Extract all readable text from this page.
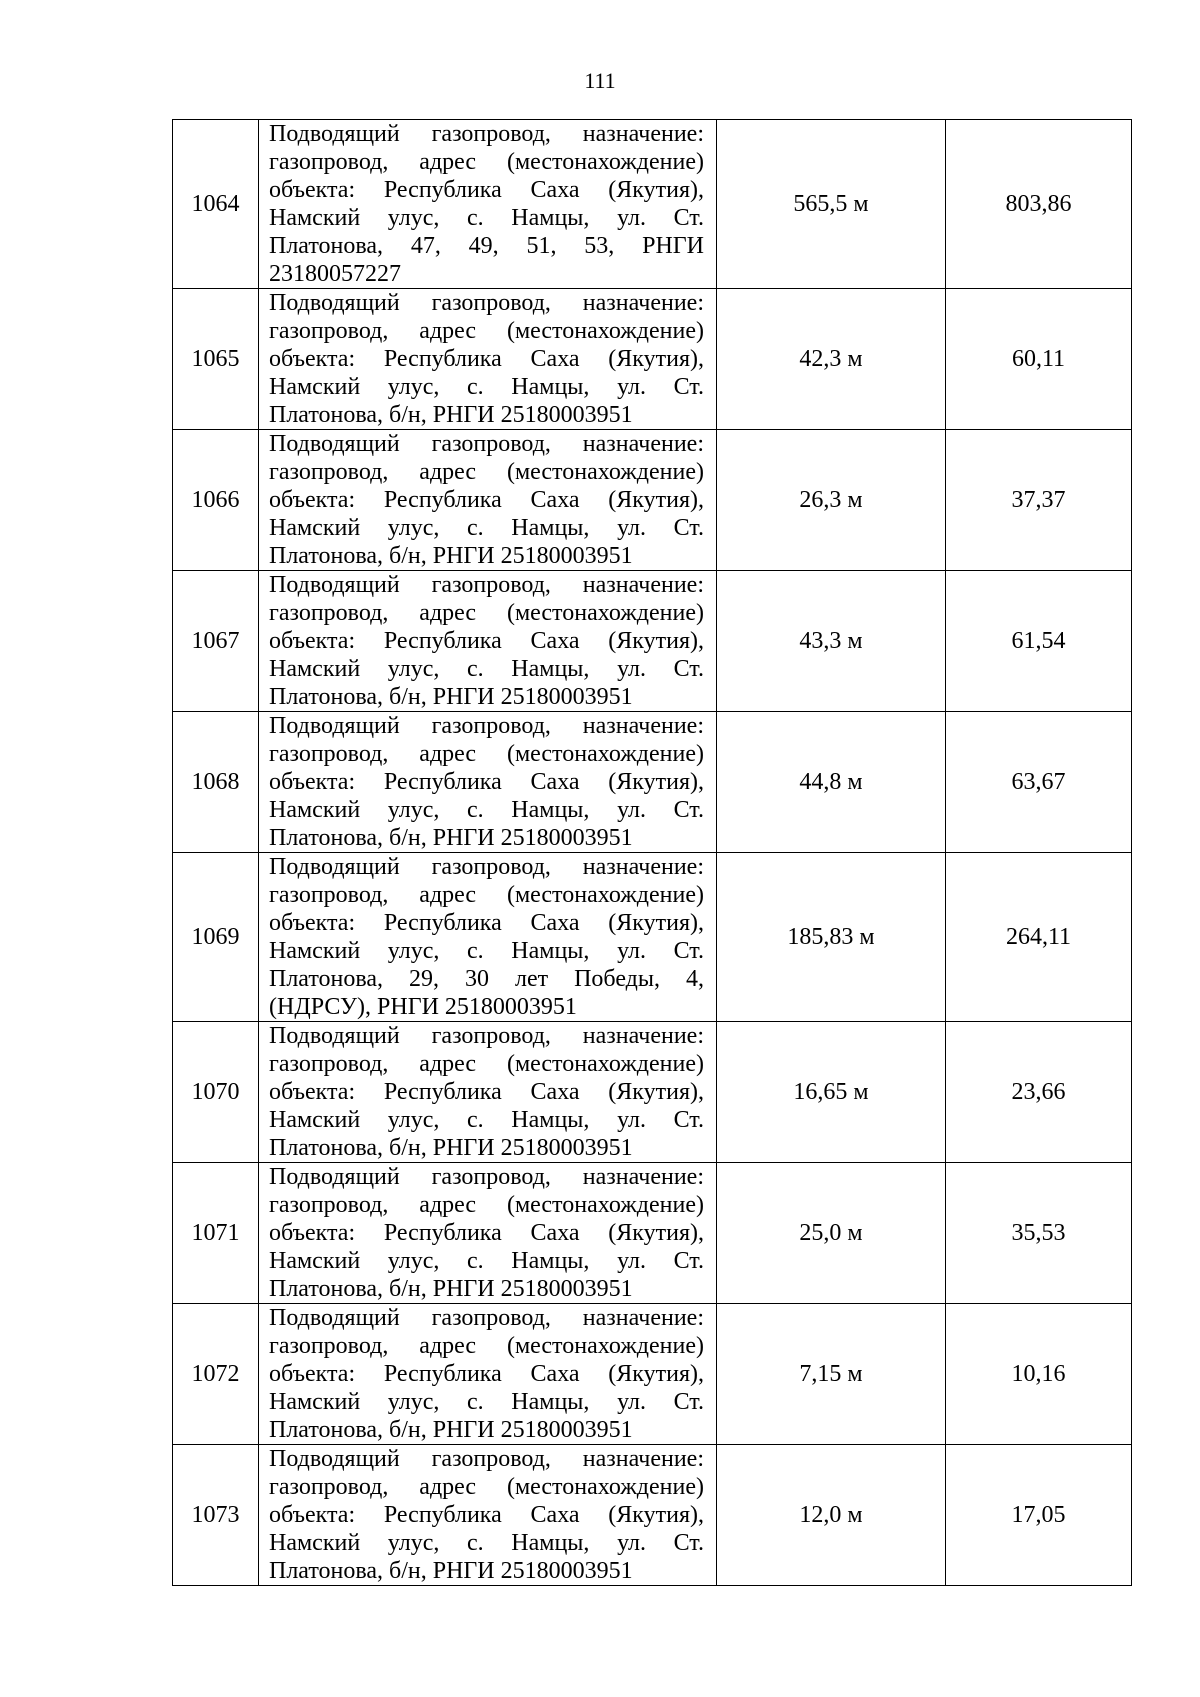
111
1064	Подводящий газопровод, назначение: газопровод, адрес (местонахождение) объекта: Республика Саха (Якутия), Намский улус, с. Намцы, ул. Ст. Платонова, 47, 49, 51, 53, РНГИ 23180057227	565,5 м	803,86
1065	Подводящий газопровод, назначение: газопровод, адрес (местонахождение) объекта: Республика Саха (Якутия), Намский улус, с. Намцы, ул. Ст. Платонова, б/н, РНГИ 25180003951	42,3 м	60,11
1066	Подводящий газопровод, назначение: газопровод, адрес (местонахождение) объекта: Республика Саха (Якутия), Намский улус, с. Намцы, ул. Ст. Платонова, б/н, РНГИ 25180003951	26,3 м	37,37
1067	Подводящий газопровод, назначение: газопровод, адрес (местонахождение) объекта: Республика Саха (Якутия), Намский улус, с. Намцы, ул. Ст. Платонова, б/н, РНГИ 25180003951	43,3 м	61,54
1068	Подводящий газопровод, назначение: газопровод, адрес (местонахождение) объекта: Республика Саха (Якутия), Намский улус, с. Намцы, ул. Ст. Платонова, б/н, РНГИ 25180003951	44,8 м	63,67
1069	Подводящий газопровод, назначение: газопровод, адрес (местонахождение) объекта: Республика Саха (Якутия), Намский улус, с. Намцы, ул. Ст. Платонова, 29, 30 лет Победы, 4, (НДРСУ), РНГИ 25180003951	185,83 м	264,11
1070	Подводящий газопровод, назначение: газопровод, адрес (местонахождение) объекта: Республика Саха (Якутия), Намский улус, с. Намцы, ул. Ст. Платонова, б/н, РНГИ 25180003951	16,65 м	23,66
1071	Подводящий газопровод, назначение: газопровод, адрес (местонахождение) объекта: Республика Саха (Якутия), Намский улус, с. Намцы, ул. Ст. Платонова, б/н, РНГИ 25180003951	25,0 м	35,53
1072	Подводящий газопровод, назначение: газопровод, адрес (местонахождение) объекта: Республика Саха (Якутия), Намский улус, с. Намцы, ул. Ст. Платонова, б/н, РНГИ 25180003951	7,15 м	10,16
1073	Подводящий газопровод, назначение: газопровод, адрес (местонахождение) объекта: Республика Саха (Якутия), Намский улус, с. Намцы, ул. Ст. Платонова, б/н, РНГИ 25180003951	12,0 м	17,05
